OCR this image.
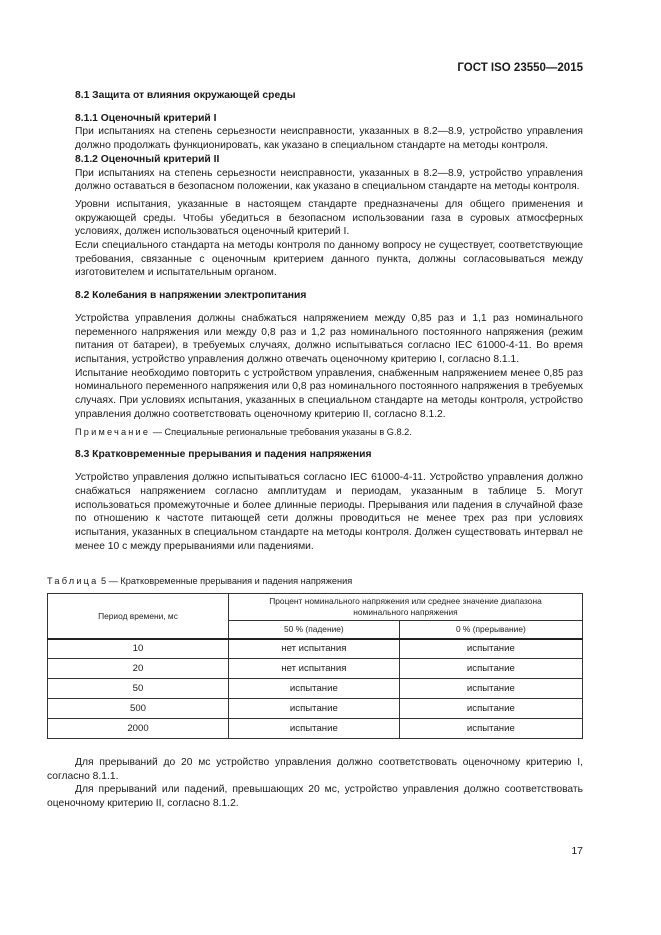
ГОСТ ISO 23550—2015

8.1 Защита от влияния окружающей среды

8.1.1 Оценочный критерий I

При испытаниях на степень серьезности неисправности, указанных в 8.2—8.9, устройство управления должно продолжать функционировать, как указано в специальном стандарте на методы контроля.

8.1.2 Оценочный критерий II

При испытаниях на степень серьезности неисправности, указанных в 8.2—8.9, устройство управления должно оставаться в безопасном положении, как указано в специальном стандарте на методы контроля.

Уровни испытания, указанные в настоящем стандарте предназначены для общего применения и окружающей среды. Чтобы убедиться в безопасном использовании газа в суровых атмосферных условиях, должен использоваться оценочный критерий I.

Если специального стандарта на методы контроля по данному вопросу не существует, соответствующие требования, связанные с оценочным критерием данного пункта, должны согласовываться между изготовителем и испытательным органом.

8.2 Колебания в напряжении электропитания

Устройства управления должны снабжаться напряжением между 0,85 раз и 1,1 раз номинального переменного напряжения или между 0,8 раз и 1,2 раз номинального постоянного напряжения (режим питания от батареи), в требуемых случаях, должно испытываться согласно IEC 61000-4-11. Во время испытания, устройство управления должно отвечать оценочному критерию I, согласно 8.1.1.

Испытание необходимо повторить с устройством управления, снабженным напряжением менее 0,85 раз номинального переменного напряжения или 0,8 раз номинального постоянного напряжения в требуемых случаях. При условиях испытания, указанных в специальном стандарте на методы контроля, устройство управления должно соответствовать оценочному критерию II, согласно 8.1.2.

Примечание — Специальные региональные требования указаны в G.8.2.

8.3 Кратковременные прерывания и падения напряжения

Устройство управления должно испытываться согласно IEC 61000-4-11. Устройство управления должно снабжаться напряжением согласно амплитудам и периодам, указанным в таблице 5. Могут использоваться промежуточные и более длинные периоды. Прерывания или падения в случайной фазе по отношению к частоте питающей сети должны проводиться не менее трех раз при условиях испытания, указанных в специальном стандарте на методы контроля. Должен существовать интервал не менее 10 с между прерываниями или падениями.

Таблица 5 — Кратковременные прерывания и падения напряжения
Период времени, мс	Процент номинального напряжения или среднее значение диапазона номинального напряжения	
	50 % (падение)	0 % (прерывание)
10	нет испытания	испытание
20	нет испытания	испытание
50	испытание	испытание
500	испытание	испытание
2000	испытание	испытание

Для прерываний до 20 мс устройство управления должно соответствовать оценочному критерию I, согласно 8.1.1.

Для прерываний или падений, превышающих 20 мс, устройство управления должно соответствовать оценочному критерию II, согласно 8.1.2.

17
